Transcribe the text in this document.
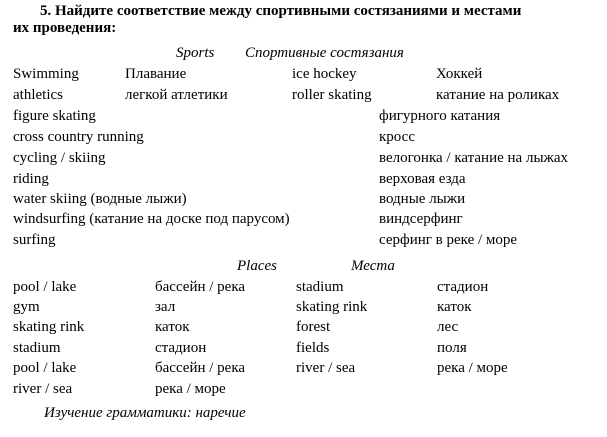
5. Найдите соответствие между спортивными состязаниями и местами
их проведения:
Sports Спортивные состязания
Swimming	Плавание	ice hockey	Хоккей
athletics	легкой атлетики	roller skating	катание на роликах
figure skating	фигурного катания
cross country running	кросс
cycling / skiing	велогонка / катание на лыжах
riding	верховая езда
water skiing (водные лыжи)	водные лыжи
windsurfing (катание на доске под парусом)	виндсерфинг
surfing	серфинг в реке / море
Places	Места
pool / lake	бассейн / река	stadium	стадион
gym	зал	skating rink	каток
skating rink	каток	forest	лес
stadium	стадион	fields	поля
pool / lake	бассейн / река	river / sea	река / море
river / sea	река / море
Изучение грамматики: наречие
